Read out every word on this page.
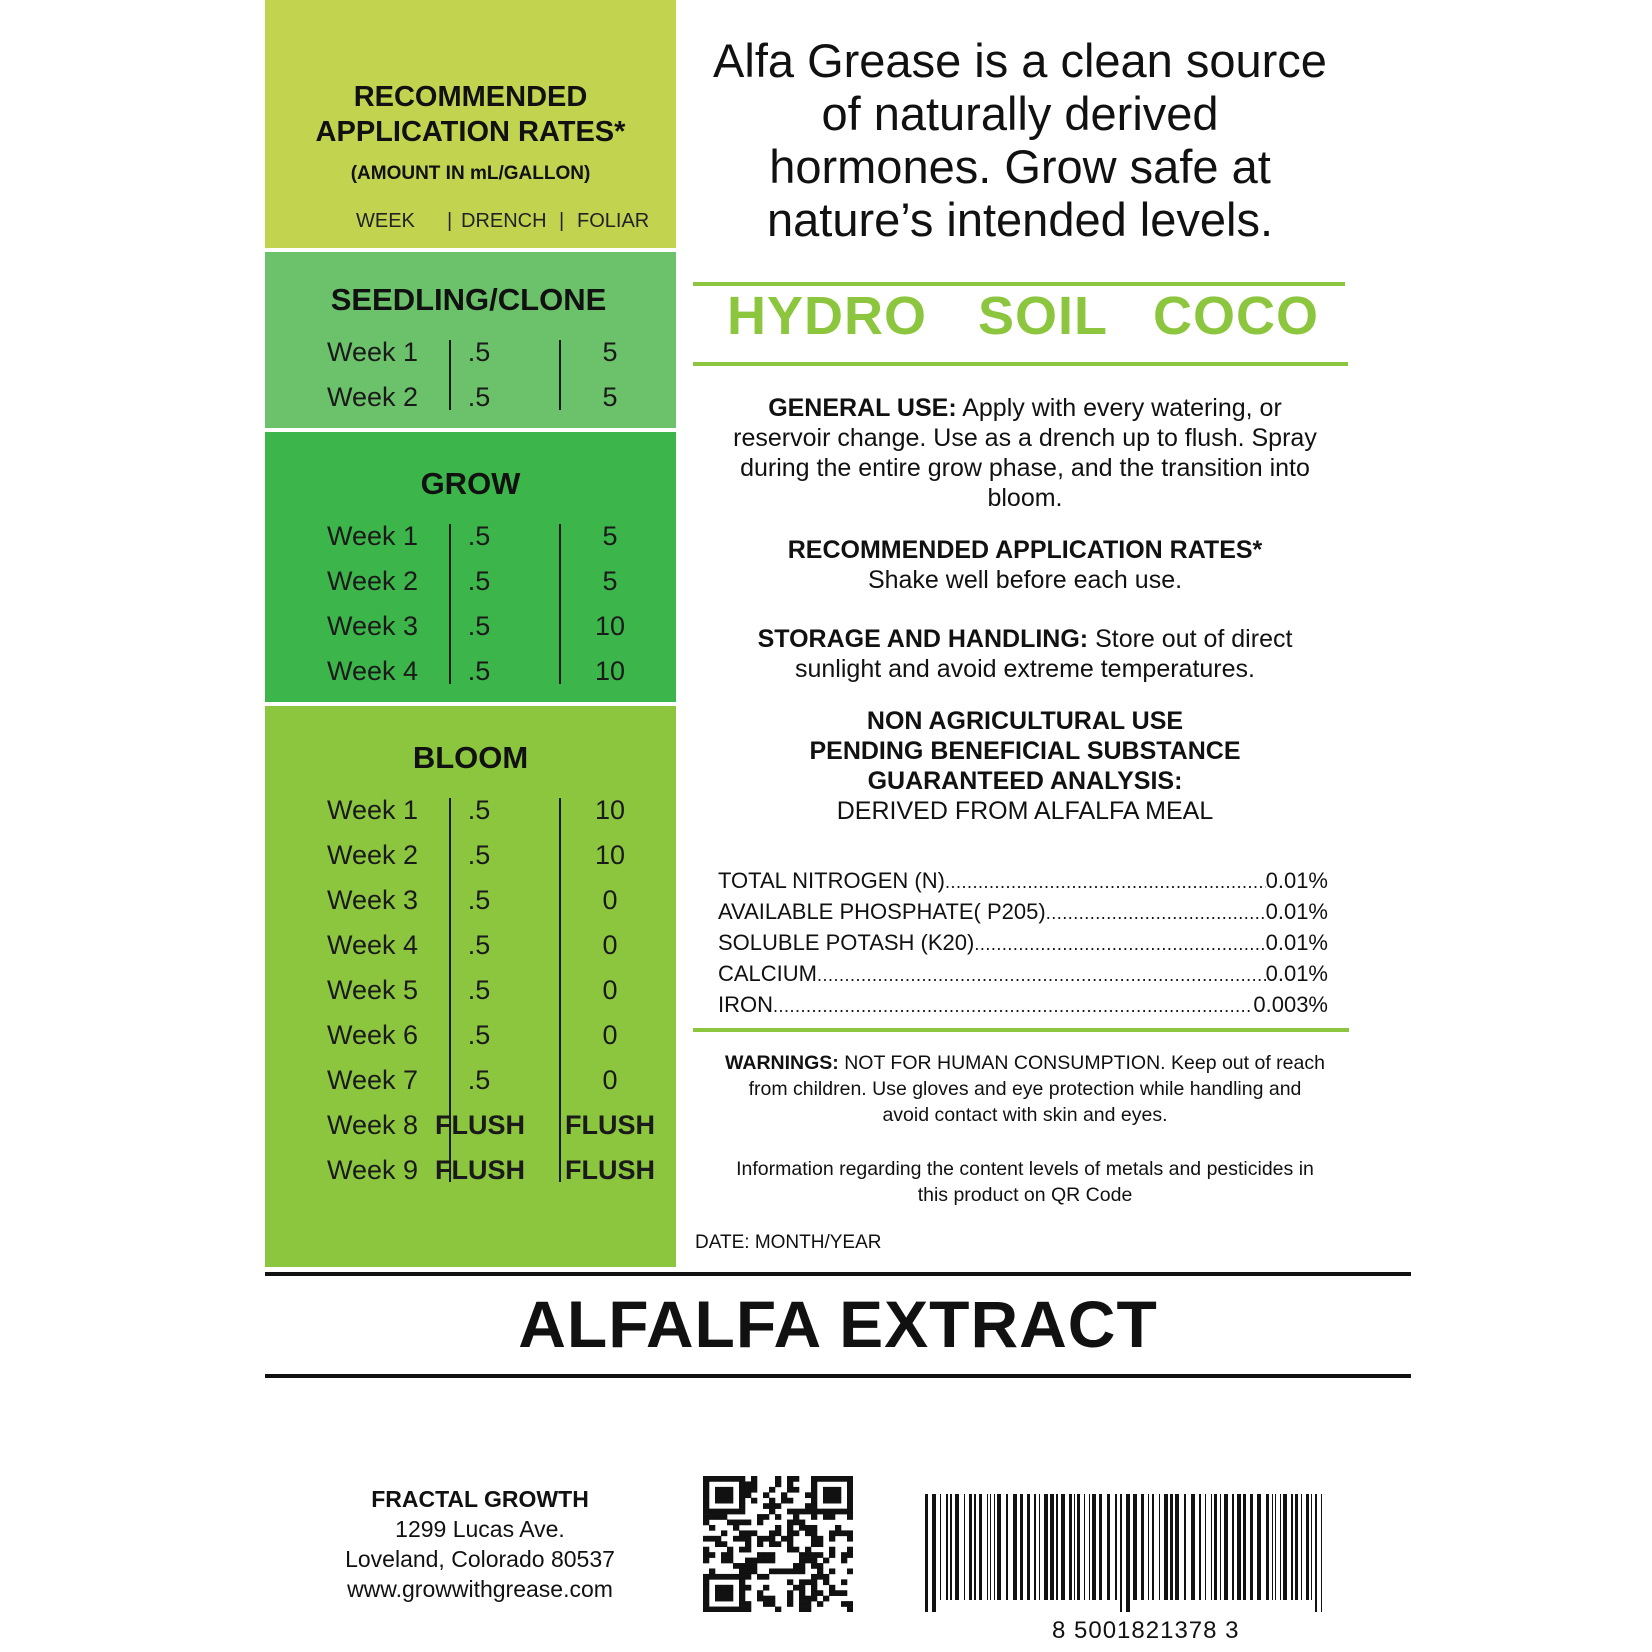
RECOMMENDED
APPLICATION RATES*
(AMOUNT IN mL/GALLON)
WEEK | DRENCH | FOLIAR
SEEDLING/CLONE
Week 1	.5	5
Week 2	.5	5
GROW
Week 1	.5	5
Week 2	.5	5
Week 3	.5	10
Week 4	.5	10
BLOOM
Week 1	.5	10
Week 2	.5	10
Week 3	.5	0
Week 4	.5	0
Week 5	.5	0
Week 6	.5	0
Week 7	.5	0
Week 8 FLUSH	FLUSH
Week 9 FLUSH	FLUSH
Alfa Grease is a clean source
of naturally derived
hormones. Grow safe at
nature’s intended levels.
HYDRO SOIL COCO
GENERAL USE: Apply with every watering, or
reservoir change. Use as a drench up to flush. Spray
during the entire grow phase, and the transition into
bloom.
RECOMMENDED APPLICATION RATES*
Shake well before each use.
STORAGE AND HANDLING: Store out of direct
sunlight and avoid extreme temperatures.
NON AGRICULTURAL USE
PENDING BENEFICIAL SUBSTANCE
GUARANTEED ANALYSIS:
DERIVED FROM ALFALFA MEAL
TOTAL NITROGEN (N) .....	0.01%
AVAILABLE PHOSPHATE( P205) .....	0.01%
SOLUBLE POTASH (K20) .....	0.01%
CALCIUM .....	0.01%
IRON .....	0.003%
WARNINGS: NOT FOR HUMAN CONSUMPTION. Keep out of reach
from children. Use gloves and eye protection while handling and
avoid contact with skin and eyes.
Information regarding the content levels of metals and pesticides in
this product on QR Code
DATE: MONTH/YEAR
ALFALFA EXTRACT
FRACTAL GROWTH
1299 Lucas Ave.
Loveland, Colorado 80537
www.growwithgrease.com
8 5001821378 3
